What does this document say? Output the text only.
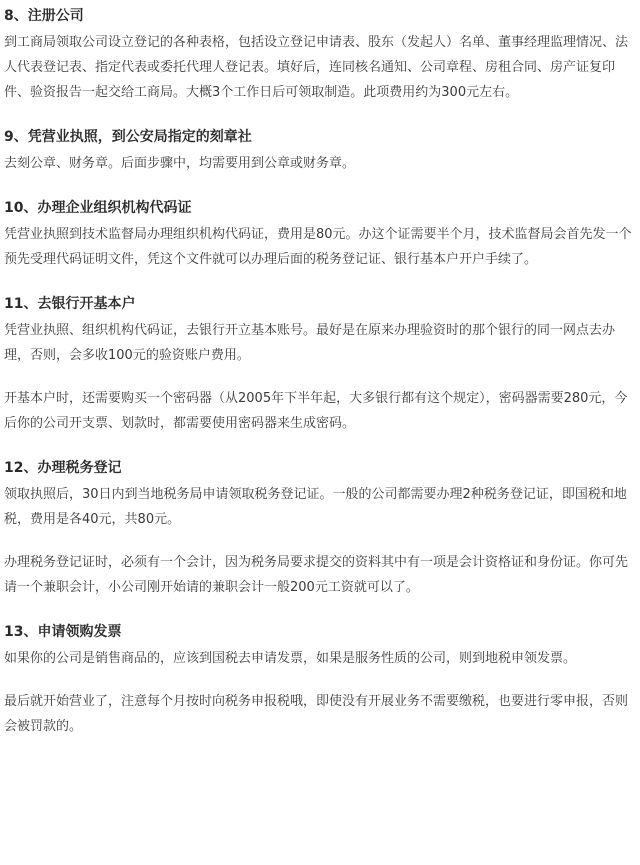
8、注册公司

到工商局领取公司设立登记的各种表格，包括设立登记申请表、股东（发起人）名单、董事经理监理情况、法人代表登记表、指定代表或委托代理人登记表。填好后，连同核名通知、公司章程、房租合同、房产证复印件、验资报告一起交给工商局。大概3个工作日后可领取制造。此项费用约为300元左右。

9、凭营业执照，到公安局指定的刻章社

去刻公章、财务章。后面步骤中，均需要用到公章或财务章。

10、办理企业组织机构代码证

凭营业执照到技术监督局办理组织机构代码证，费用是80元。办这个证需要半个月，技术监督局会首先发一个预先受理代码证明文件，凭这个文件就可以办理后面的税务登记证、银行基本户开户手续了。

11、去银行开基本户

凭营业执照、组织机构代码证，去银行开立基本账号。最好是在原来办理验资时的那个银行的同一网点去办理，否则，会多收100元的验资账户费用。

开基本户时，还需要购买一个密码器（从2005年下半年起，大多银行都有这个规定），密码器需要280元，今后你的公司开支票、划款时，都需要使用密码器来生成密码。

12、办理税务登记

领取执照后，30日内到当地税务局申请领取税务登记证。一般的公司都需要办理2种税务登记证，即国税和地税，费用是各40元，共80元。

办理税务登记证时，必须有一个会计，因为税务局要求提交的资料其中有一项是会计资格证和身份证。你可先请一个兼职会计，小公司刚开始请的兼职会计一般200元工资就可以了。

13、申请领购发票

如果你的公司是销售商品的，应该到国税去申请发票，如果是服务性质的公司，则到地税申领发票。

最后就开始营业了，注意每个月按时向税务申报税哦，即使没有开展业务不需要缴税，也要进行零申报，否则会被罚款的。
